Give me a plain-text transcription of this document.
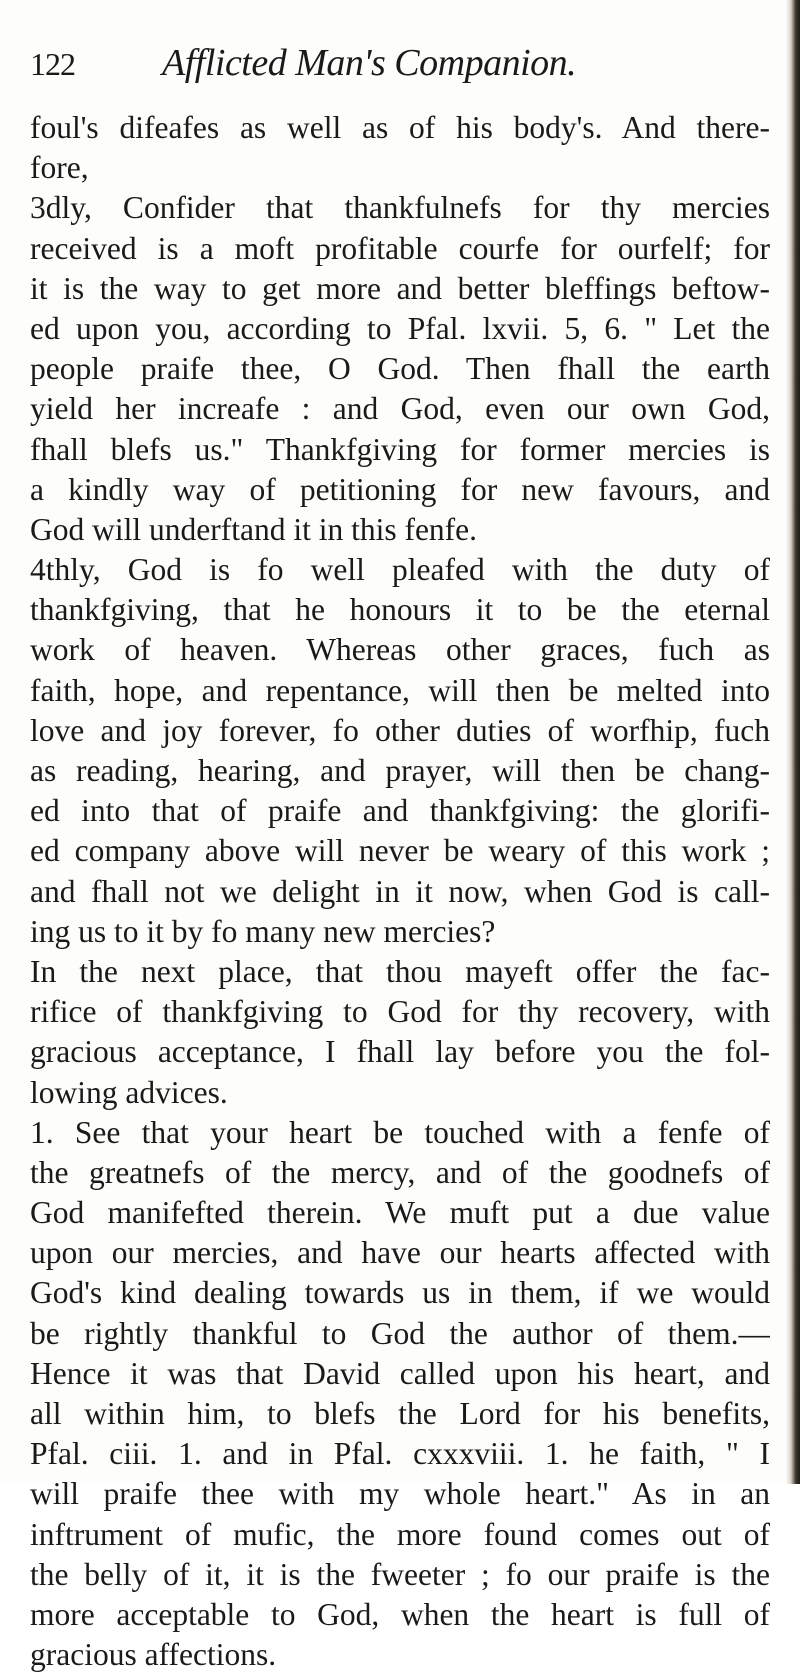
122 Afflicted Man's Companion.
foul's difeafes as well as of his body's. And there-
fore,
3dly, Confider that thankfulnefs for thy mercies
received is a moft profitable courfe for ourfelf; for
it is the way to get more and better bleffings beftow-
ed upon you, according to Pfal. lxvii. 5, 6. " Let the
people praife thee, O God. Then fhall the earth
yield her increafe : and God, even our own God,
fhall blefs us." Thankfgiving for former mercies is
a kindly way of petitioning for new favours, and
God will underftand it in this fenfe.
4thly, God is fo well pleafed with the duty of
thankfgiving, that he honours it to be the eternal
work of heaven. Whereas other graces, fuch as
faith, hope, and repentance, will then be melted into
love and joy forever, fo other duties of worfhip, fuch
as reading, hearing, and prayer, will then be chang-
ed into that of praife and thankfgiving: the glorifi-
ed company above will never be weary of this work ;
and fhall not we delight in it now, when God is call-
ing us to it by fo many new mercies?
In the next place, that thou mayeft offer the fac-
rifice of thankfgiving to God for thy recovery, with
gracious acceptance, I fhall lay before you the fol-
lowing advices.
1. See that your heart be touched with a fenfe of
the greatnefs of the mercy, and of the goodnefs of
God manifefted therein. We muft put a due value
upon our mercies, and have our hearts affected with
God's kind dealing towards us in them, if we would
be rightly thankful to God the author of them.—
Hence it was that David called upon his heart, and
all within him, to blefs the Lord for his benefits,
Pfal. ciii. 1. and in Pfal. cxxxviii. 1. he faith, " I
will praife thee with my whole heart." As in an
inftrument of mufic, the more found comes out of
the belly of it, it is the fweeter ; fo our praife is the
more acceptable to God, when the heart is full of
gracious affections.
